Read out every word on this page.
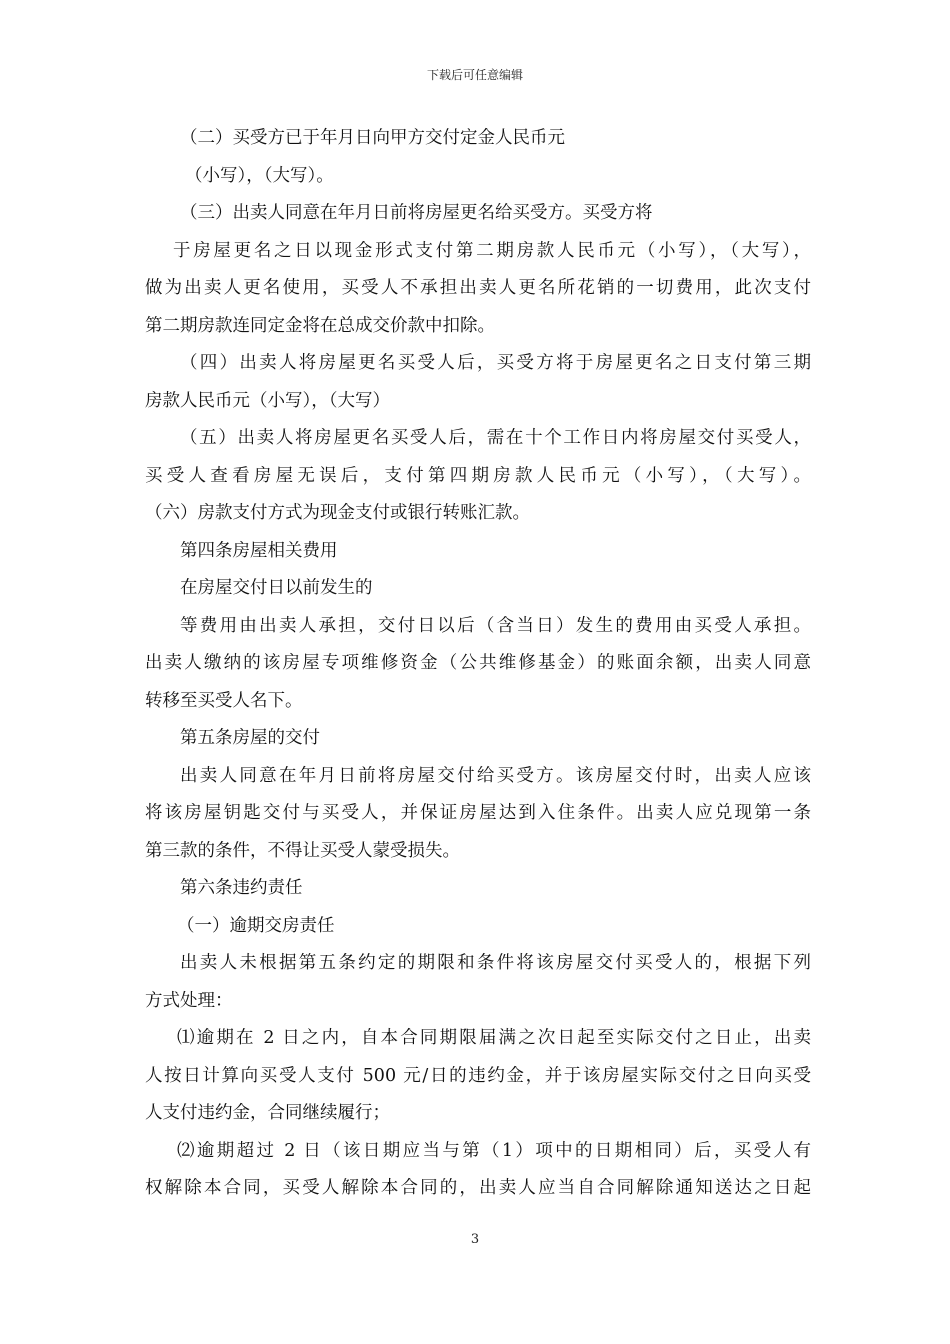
下载后可任意编辑
（二）买受方已于年月日向甲方交付定金人民币元
（小写），（大写）。
（三）出卖人同意在年月日前将房屋更名给买受方。买受方将
于房屋更名之日以现金形式支付第二期房款人民币元（小写），（大写），
做为出卖人更名使用，买受人不承担出卖人更名所花销的一切费用，此次支付
第二期房款连同定金将在总成交价款中扣除。
（四）出卖人将房屋更名买受人后，买受方将于房屋更名之日支付第三期
房款人民币元（小写），（大写）
（五）出卖人将房屋更名买受人后，需在十个工作日内将房屋交付买受人，
买受人查看房屋无误后，支付第四期房款人民币元（小写），（大写）。
（六）房款支付方式为现金支付或银行转账汇款。
第四条房屋相关费用
在房屋交付日以前发生的
等费用由出卖人承担，交付日以后（含当日）发生的费用由买受人承担。
出卖人缴纳的该房屋专项维修资金（公共维修基金）的账面余额，出卖人同意
转移至买受人名下。
第五条房屋的交付
出卖人同意在年月日前将房屋交付给买受方。该房屋交付时，出卖人应该
将该房屋钥匙交付与买受人，并保证房屋达到入住条件。出卖人应兑现第一条
第三款的条件，不得让买受人蒙受损失。
第六条违约责任
（一）逾期交房责任
出卖人未根据第五条约定的期限和条件将该房屋交付买受人的，根据下列
方式处理：
⑴逾期在 2 日之内，自本合同期限届满之次日起至实际交付之日止，出卖
人按日计算向买受人支付 500 元/日的违约金，并于该房屋实际交付之日向买受
人支付违约金，合同继续履行；
⑵逾期超过 2 日（该日期应当与第（1）项中的日期相同）后，买受人有
权解除本合同，买受人解除本合同的，出卖人应当自合同解除通知送达之日起
3
